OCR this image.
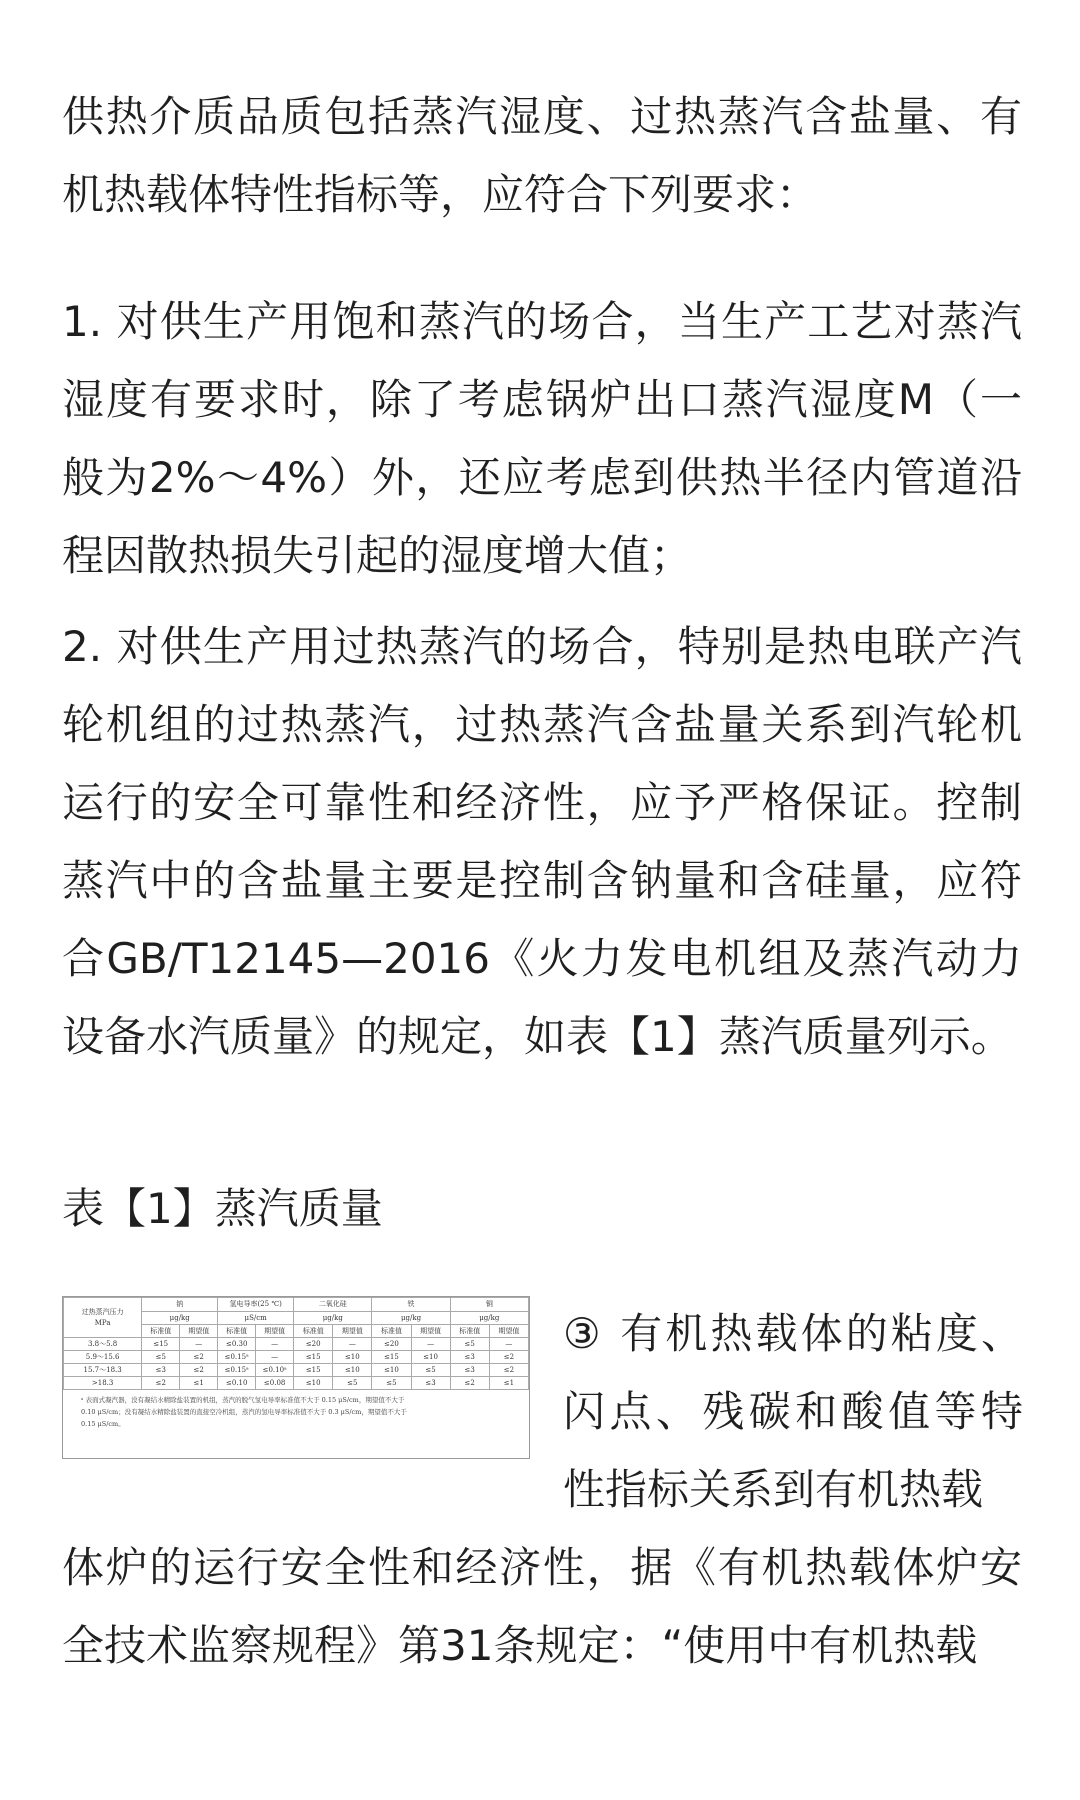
供热介质品质包括蒸汽湿度、过热蒸汽含盐量、有机热载体特性指标等，应符合下列要求：

1. 对供生产用饱和蒸汽的场合，当生产工艺对蒸汽湿度有要求时，除了考虑锅炉出口蒸汽湿度M（一般为2%～4%）外，还应考虑到供热半径内管道沿程因散热损失引起的湿度增大值；

2. 对供生产用过热蒸汽的场合，特别是热电联产汽轮机组的过热蒸汽，过热蒸汽含盐量关系到汽轮机运行的安全可靠性和经济性，应予严格保证。控制蒸汽中的含盐量主要是控制含钠量和含硅量，应符合GB/T12145—2016《火力发电机组及蒸汽动力设备水汽质量》的规定，如表【1】蒸汽质量列示。

表【1】蒸汽质量

过热蒸汽压力
MPa	钠		氢电导率(25 ℃)		二氧化硅		铁		铜	
	μg/kg		μS/cm		μg/kg		μg/kg		μg/kg	
	标准值	期望值	标准值	期望值	标准值	期望值	标准值	期望值	标准值	期望值
3.8～5.8	≤15	—	≤0.30	—	≤20	—	≤20	—	≤5	—
5.9～15.6	≤5	≤2	≤0.15ᵃ	—	≤15	≤10	≤15	≤10	≤3	≤2
15.7～18.3	≤3	≤2	≤0.15ᵃ	≤0.10ᵃ	≤15	≤10	≤10	≤5	≤3	≤2
>18.3	≤2	≤1	≤0.10	≤0.08	≤10	≤5	≤5	≤3	≤2	≤1
ᵃ 表面式凝汽器，没有凝结水精除盐装置的机组，蒸汽的脱气氢电导率标准值不大于 0.15 μS/cm，期望值不大于
0.10 μS/cm；没有凝结水精除盐装置的直接空冷机组，蒸汽的氢电导率标准值不大于 0.3 μS/cm，期望值不大于
0.15 μS/cm。

③ 有机热载体的粘度、闪点、残碳和酸值等特性指标关系到有机热载

体炉的运行安全性和经济性，据《有机热载体炉安全技术监察规程》第31条规定：“使用中有机热载
